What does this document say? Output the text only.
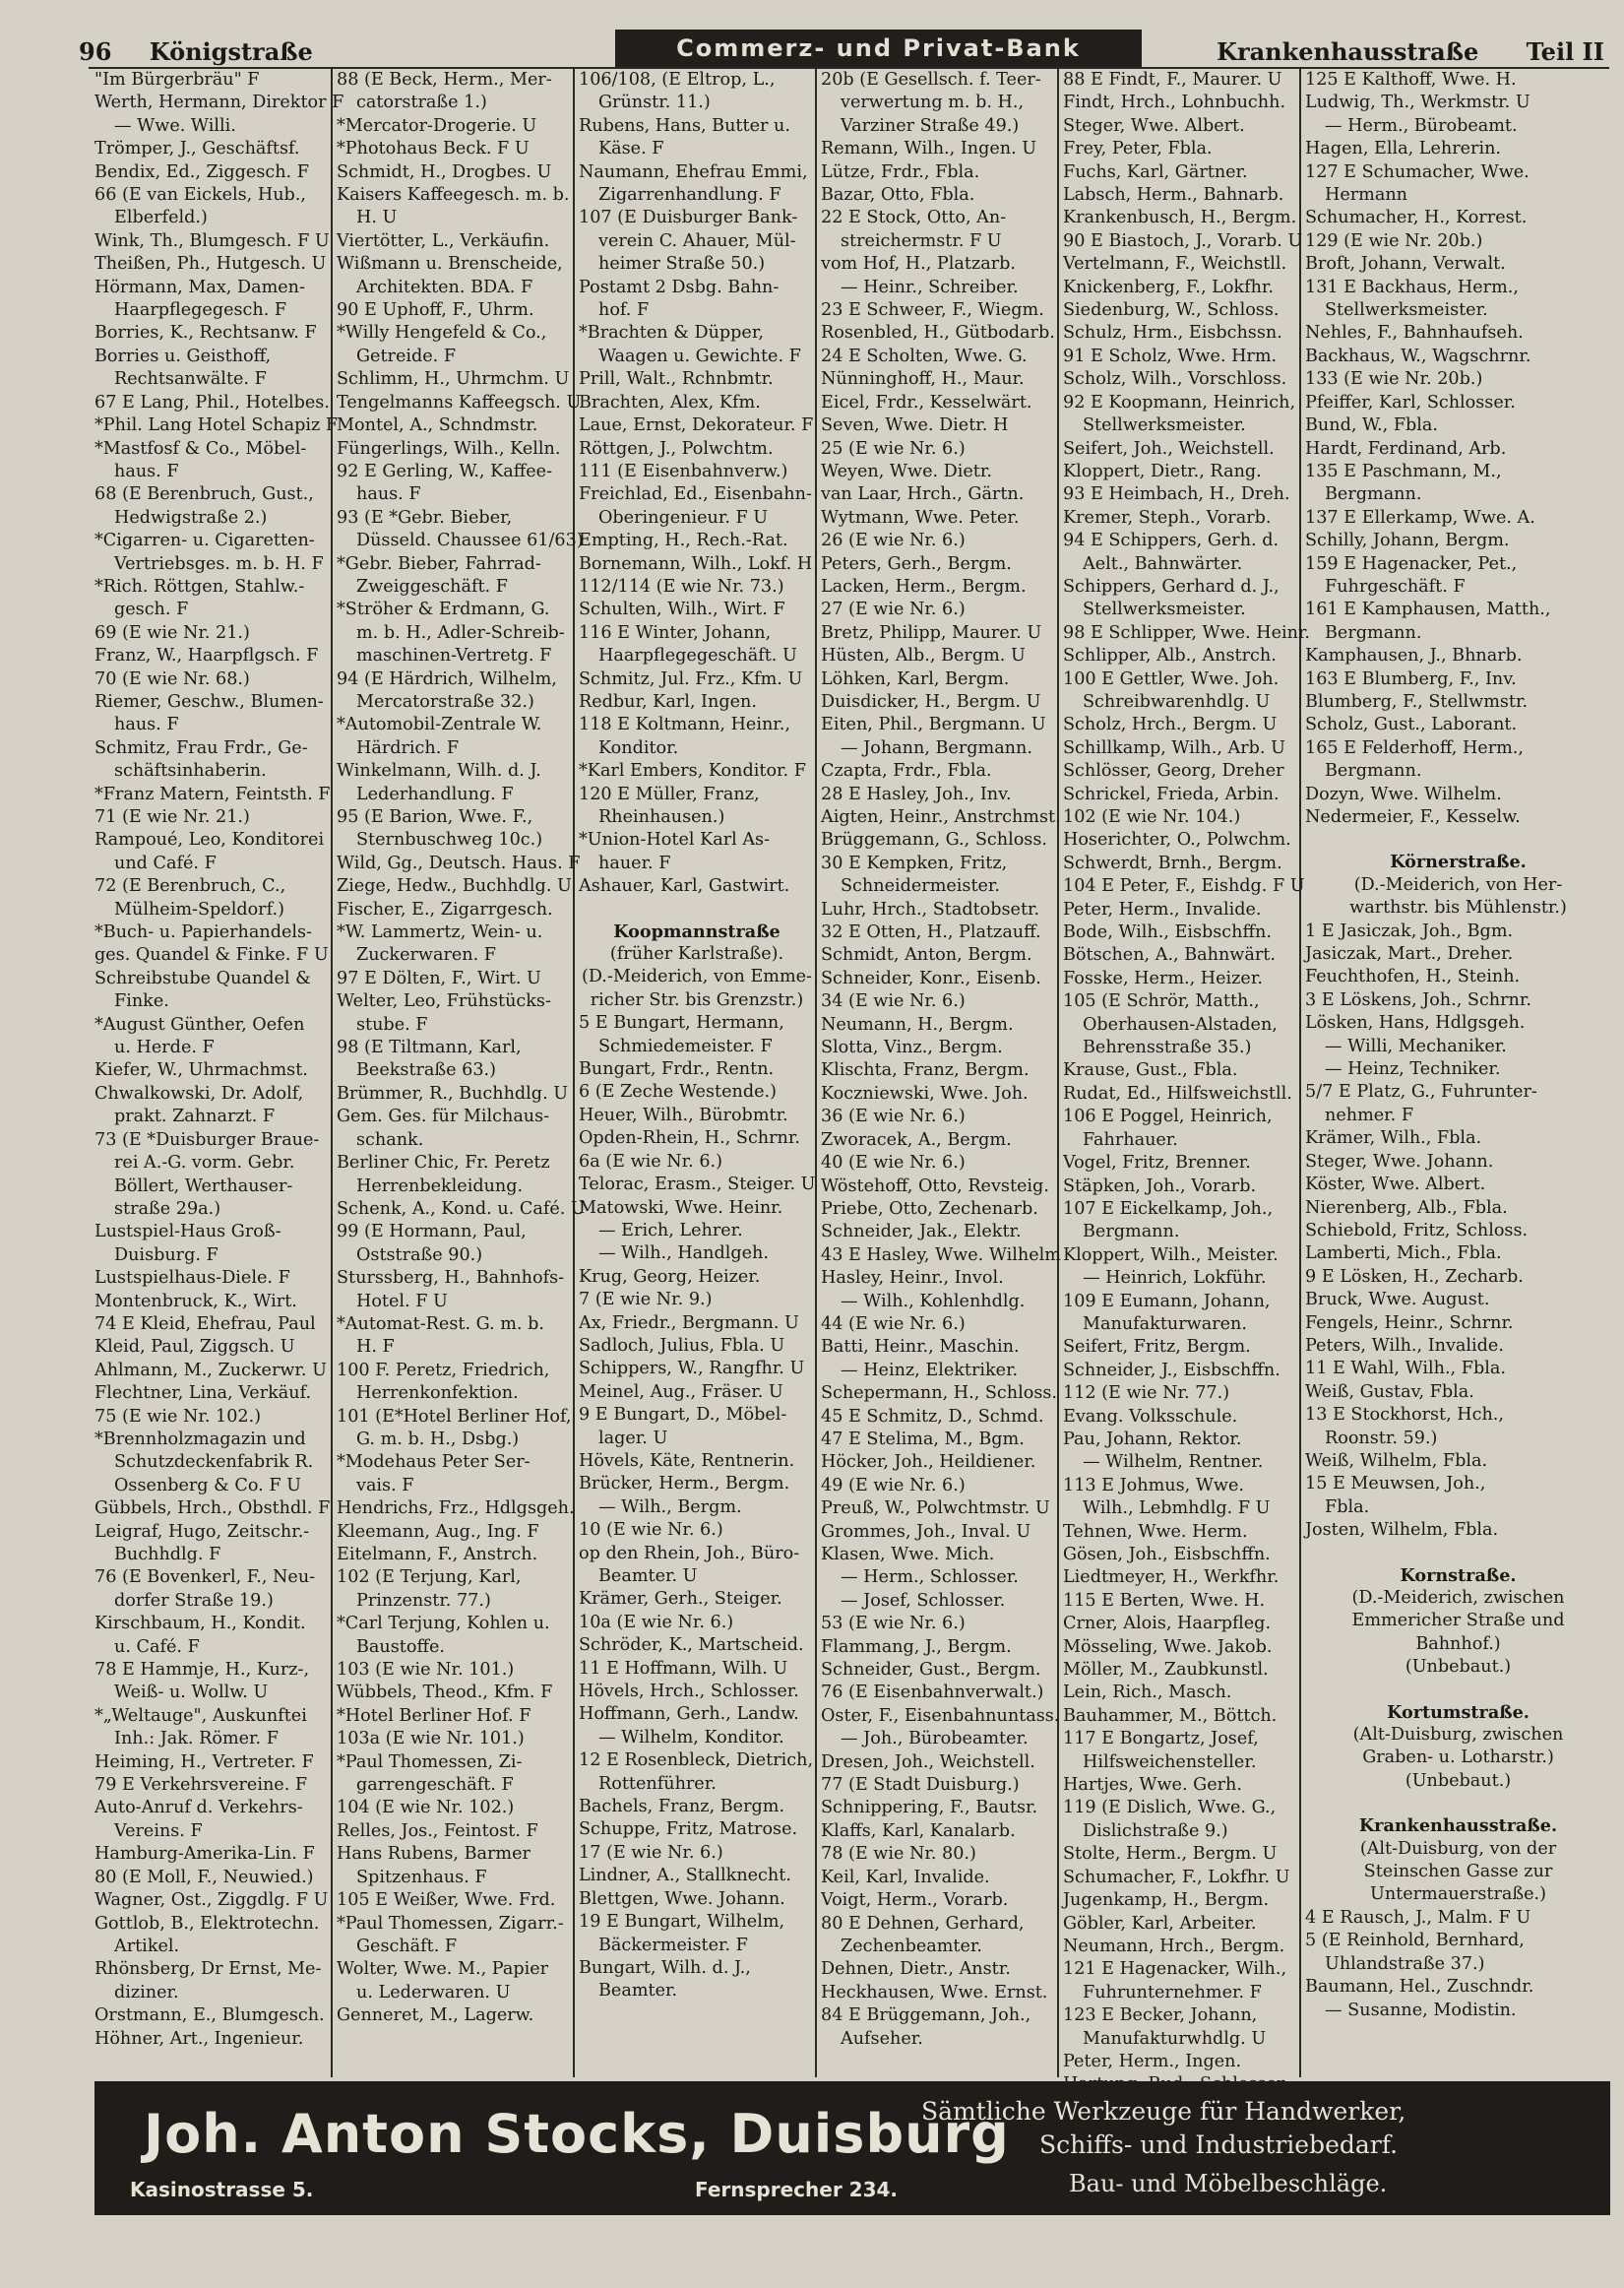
96 Königstraße	Commerz- und Privat-Bank	Krankenhausstraße Teil II
"Im Bürgerbräu" F
Werth, Hermann, Direktor F
— Wwe. Willi.
Trömper, J., Geschäftsf.
Bendix, Ed., Ziggesch. F
66 (E van Eickels, Hub.,
Elberfeld.)
Wink, Th., Blumgesch. F U
Theißen, Ph., Hutgesch. U
Hörmann, Max, Damen-
Haarpflegegesch. F
Borries, K., Rechtsanw. F
Borries u. Geisthoff,
Rechtsanwälte. F
67 E Lang, Phil., Hotelbes.
*Phil. Lang Hotel Schapiz F
*Mastfosf & Co., Möbel-
haus. F
68 (E Berenbruch, Gust.,
Hedwigstraße 2.)
*Cigarren- u. Cigaretten-
Vertriebsges. m. b. H. F
*Rich. Röttgen, Stahlw.-
gesch. F
69 (E wie Nr. 21.)
Franz, W., Haarpflgsch. F
70 (E wie Nr. 68.)
Riemer, Geschw., Blumen-
haus. F
Schmitz, Frau Frdr., Ge-
schäftsinhaberin.
*Franz Matern, Feintsth. F
71 (E wie Nr. 21.)
Rampoué, Leo, Konditorei
und Café. F
72 (E Berenbruch, C.,
Mülheim-Speldorf.)
*Buch- u. Papierhandels-
ges. Quandel & Finke. F U
Schreibstube Quandel &
Finke.
*August Günther, Oefen
u. Herde. F
Kiefer, W., Uhrmachmst.
Chwalkowski, Dr. Adolf,
prakt. Zahnarzt. F
73 (E *Duisburger Braue-
rei A.-G. vorm. Gebr.
Böllert, Werthauser-
straße 29a.)
Lustspiel-Haus Groß-
Duisburg. F
Lustspielhaus-Diele. F
Montenbruck, K., Wirt.
74 E Kleid, Ehefrau, Paul
Kleid, Paul, Ziggsch. U
Ahlmann, M., Zuckerwr. U
Flechtner, Lina, Verkäuf.
75 (E wie Nr. 102.)
*Brennholzmagazin und
Schutzdeckenfabrik R.
Ossenberg & Co. F U
Gübbels, Hrch., Obsthdl. F
Leigraf, Hugo, Zeitschr.-
Buchhdlg. F
76 (E Bovenkerl, F., Neu-
dorfer Straße 19.)
Kirschbaum, H., Kondit.
u. Café. F
78 E Hammje, H., Kurz-,
Weiß- u. Wollw. U
*„Weltauge", Auskunftei
Inh.: Jak. Römer. F
Heiming, H., Vertreter. F
79 E Verkehrsvereine. F
Auto-Anruf d. Verkehrs-
Vereins. F
Hamburg-Amerika-Lin. F
80 (E Moll, F., Neuwied.)
Wagner, Ost., Ziggdlg. F U
Gottlob, B., Elektrotechn.
Artikel.
Rhönsberg, Dr Ernst, Me-
diziner.
Orstmann, E., Blumgesch.
Höhner, Art., Ingenieur.
88 (E Beck, Herm., Mer-
catorstraße 1.)
*Mercator-Drogerie. U
*Photohaus Beck. F U
Schmidt, H., Drogbes. U
Kaisers Kaffeegesch. m. b.
H. U
Viertötter, L., Verkäufin.
Wißmann u. Brenscheide,
Architekten. BDA. F
90 E Uphoff, F., Uhrm.
*Willy Hengefeld & Co.,
Getreide. F
Schlimm, H., Uhrmchm. U
Tengelmanns Kaffeegsch. U
Montel, A., Schndmstr.
Füngerlings, Wilh., Kelln.
92 E Gerling, W., Kaffee-
haus. F
93 (E *Gebr. Bieber,
Düsseld. Chaussee 61/63)
*Gebr. Bieber, Fahrrad-
Zweiggeschäft. F
*Ströher & Erdmann, G.
m. b. H., Adler-Schreib-
maschinen-Vertretg. F
94 (E Härdrich, Wilhelm,
Mercatorstraße 32.)
*Automobil-Zentrale W.
Härdrich. F
Winkelmann, Wilh. d. J.
Lederhandlung. F
95 (E Barion, Wwe. F.,
Sternbuschweg 10c.)
Wild, Gg., Deutsch. Haus. F
Ziege, Hedw., Buchhdlg. U
Fischer, E., Zigarrgesch.
*W. Lammertz, Wein- u.
Zuckerwaren. F
97 E Dölten, F., Wirt. U
Welter, Leo, Frühstücks-
stube. F
98 (E Tiltmann, Karl,
Beekstraße 63.)
Brümmer, R., Buchhdlg. U
Gem. Ges. für Milchaus-
schank.
Berliner Chic, Fr. Peretz
Herrenbekleidung.
Schenk, A., Kond. u. Café. U
99 (E Hormann, Paul,
Oststraße 90.)
Sturssberg, H., Bahnhofs-
Hotel. F U
*Automat-Rest. G. m. b.
H. F
100 F. Peretz, Friedrich,
Herrenkonfektion.
101 (E*Hotel Berliner Hof,
G. m. b. H., Dsbg.)
*Modehaus Peter Ser-
vais. F
Hendrichs, Frz., Hdlgsgeh.
Kleemann, Aug., Ing. F
Eitelmann, F., Anstrch.
102 (E Terjung, Karl,
Prinzenstr. 77.)
*Carl Terjung, Kohlen u.
Baustoffe.
103 (E wie Nr. 101.)
Wübbels, Theod., Kfm. F
*Hotel Berliner Hof. F
103a (E wie Nr. 101.)
*Paul Thomessen, Zi-
garrengeschäft. F
104 (E wie Nr. 102.)
Relles, Jos., Feintost. F
Hans Rubens, Barmer
Spitzenhaus. F
105 E Weißer, Wwe. Frd.
*Paul Thomessen, Zigarr.-
Geschäft. F
Wolter, Wwe. M., Papier
u. Lederwaren. U
Genneret, M., Lagerw.
106/108, (E Eltrop, L.,
Grünstr. 11.)
Rubens, Hans, Butter u.
Käse. F
Naumann, Ehefrau Emmi,
Zigarrenhandlung. F
107 (E Duisburger Bank-
verein C. Ahauer, Mül-
heimer Straße 50.)
Postamt 2 Dsbg. Bahn-
hof. F
*Brachten & Düpper,
Waagen u. Gewichte. F
Prill, Walt., Rchnbmtr.
Brachten, Alex, Kfm.
Laue, Ernst, Dekorateur. F
Röttgen, J., Polwchtm.
111 (E Eisenbahnverw.)
Freichlad, Ed., Eisenbahn-
Oberingenieur. F U
Empting, H., Rech.-Rat.
Bornemann, Wilh., Lokf. H
112/114 (E wie Nr. 73.)
Schulten, Wilh., Wirt. F
116 E Winter, Johann,
Haarpflegegeschäft. U
Schmitz, Jul. Frz., Kfm. U
Redbur, Karl, Ingen.
118 E Koltmann, Heinr.,
Konditor.
*Karl Embers, Konditor. F
120 E Müller, Franz,
Rheinhausen.)
*Union-Hotel Karl As-
hauer. F
Ashauer, Karl, Gastwirt.
Koopmannstraße
(früher Karlstraße).
(D.-Meiderich, von Emme-
richer Str. bis Grenzstr.)
5 E Bungart, Hermann,
Schmiedemeister. F
Bungart, Frdr., Rentn.
6 (E Zeche Westende.)
Heuer, Wilh., Bürobmtr.
Opden-Rhein, H., Schrnr.
6a (E wie Nr. 6.)
Telorac, Erasm., Steiger. U
Matowski, Wwe. Heinr.
— Erich, Lehrer.
— Wilh., Handlgeh.
Krug, Georg, Heizer.
7 (E wie Nr. 9.)
Ax, Friedr., Bergmann. U
Sadloch, Julius, Fbla. U
Schippers, W., Rangfhr. U
Meinel, Aug., Fräser. U
9 E Bungart, D., Möbel-
lager. U
Hövels, Käte, Rentnerin.
Brücker, Herm., Bergm.
— Wilh., Bergm.
10 (E wie Nr. 6.)
op den Rhein, Joh., Büro-
Beamter. U
Krämer, Gerh., Steiger.
10a (E wie Nr. 6.)
Schröder, K., Martscheid.
11 E Hoffmann, Wilh. U
Hövels, Hrch., Schlosser.
Hoffmann, Gerh., Landw.
— Wilhelm, Konditor.
12 E Rosenbleck, Dietrich,
Rottenführer.
Bachels, Franz, Bergm.
Schuppe, Fritz, Matrose.
17 (E wie Nr. 6.)
Lindner, A., Stallknecht.
Blettgen, Wwe. Johann.
19 E Bungart, Wilhelm,
Bäckermeister. F
Bungart, Wilh. d. J.,
Beamter.
20b (E Gesellsch. f. Teer-
verwertung m. b. H.,
Varziner Straße 49.)
Remann, Wilh., Ingen. U
Lütze, Frdr., Fbla.
Bazar, Otto, Fbla.
22 E Stock, Otto, An-
streichermstr. F U
vom Hof, H., Platzarb.
— Heinr., Schreiber.
23 E Schweer, F., Wiegm.
Rosenbled, H., Gütbodarb.
24 E Scholten, Wwe. G.
Nünninghoff, H., Maur.
Eicel, Frdr., Kesselwärt.
Seven, Wwe. Dietr. H
25 (E wie Nr. 6.)
Weyen, Wwe. Dietr.
van Laar, Hrch., Gärtn.
Wytmann, Wwe. Peter.
26 (E wie Nr. 6.)
Peters, Gerh., Bergm.
Lacken, Herm., Bergm.
27 (E wie Nr. 6.)
Bretz, Philipp, Maurer. U
Hüsten, Alb., Bergm. U
Löhken, Karl, Bergm.
Duisdicker, H., Bergm. U
Eiten, Phil., Bergmann. U
— Johann, Bergmann.
Czapta, Frdr., Fbla.
28 E Hasley, Joh., Inv.
Aigten, Heinr., Anstrchmst.
Brüggemann, G., Schloss.
30 E Kempken, Fritz,
Schneidermeister.
Luhr, Hrch., Stadtobsetr.
32 E Otten, H., Platzauff.
Schmidt, Anton, Bergm.
Schneider, Konr., Eisenb.
34 (E wie Nr. 6.)
Neumann, H., Bergm.
Slotta, Vinz., Bergm.
Klischta, Franz, Bergm.
Koczniewski, Wwe. Joh.
36 (E wie Nr. 6.)
Zworacek, A., Bergm.
40 (E wie Nr. 6.)
Wöstehoff, Otto, Revsteig.
Priebe, Otto, Zechenarb.
Schneider, Jak., Elektr.
43 E Hasley, Wwe. Wilhelm
Hasley, Heinr., Invol.
— Wilh., Kohlenhdlg.
44 (E wie Nr. 6.)
Batti, Heinr., Maschin.
— Heinz, Elektriker.
Schepermann, H., Schloss.
45 E Schmitz, D., Schmd.
47 E Stelima, M., Bgm.
Höcker, Joh., Heildiener.
49 (E wie Nr. 6.)
Preuß, W., Polwchtmstr. U
Grommes, Joh., Inval. U
Klasen, Wwe. Mich.
— Herm., Schlosser.
— Josef, Schlosser.
53 (E wie Nr. 6.)
Flammang, J., Bergm.
Schneider, Gust., Bergm.
76 (E Eisenbahnverwalt.)
Oster, F., Eisenbahnuntass.
— Joh., Bürobeamter.
Dresen, Joh., Weichstell.
77 (E Stadt Duisburg.)
Schnippering, F., Bautsr.
Klaffs, Karl, Kanalarb.
78 (E wie Nr. 80.)
Keil, Karl, Invalide.
Voigt, Herm., Vorarb.
80 E Dehnen, Gerhard,
Zechenbeamter.
Dehnen, Dietr., Anstr.
Heckhausen, Wwe. Ernst.
84 E Brüggemann, Joh.,
Aufseher.
88 E Findt, F., Maurer. U
Findt, Hrch., Lohnbuchh.
Steger, Wwe. Albert.
Frey, Peter, Fbla.
Fuchs, Karl, Gärtner.
Labsch, Herm., Bahnarb.
Krankenbusch, H., Bergm.
90 E Biastoch, J., Vorarb. U
Vertelmann, F., Weichstll.
Knickenberg, F., Lokfhr.
Siedenburg, W., Schloss.
Schulz, Hrm., Eisbchssn.
91 E Scholz, Wwe. Hrm.
Scholz, Wilh., Vorschloss.
92 E Koopmann, Heinrich,
Stellwerksmeister.
Seifert, Joh., Weichstell.
Kloppert, Dietr., Rang.
93 E Heimbach, H., Dreh.
Kremer, Steph., Vorarb.
94 E Schippers, Gerh. d.
Aelt., Bahnwärter.
Schippers, Gerhard d. J.,
Stellwerksmeister.
98 E Schlipper, Wwe. Heinr.
Schlipper, Alb., Anstrch.
100 E Gettler, Wwe. Joh.
Schreibwarenhdlg. U
Scholz, Hrch., Bergm. U
Schillkamp, Wilh., Arb. U
Schlösser, Georg, Dreher
Schrickel, Frieda, Arbin.
102 (E wie Nr. 104.)
Hoserichter, O., Polwchm.
Schwerdt, Brnh., Bergm.
104 E Peter, F., Eishdg. F U
Peter, Herm., Invalide.
Bode, Wilh., Eisbschffn.
Bötschen, A., Bahnwärt.
Fosske, Herm., Heizer.
105 (E Schrör, Matth.,
Oberhausen-Alstaden,
Behrensstraße 35.)
Krause, Gust., Fbla.
Rudat, Ed., Hilfsweichstll.
106 E Poggel, Heinrich,
Fahrhauer.
Vogel, Fritz, Brenner.
Stäpken, Joh., Vorarb.
107 E Eickelkamp, Joh.,
Bergmann.
Kloppert, Wilh., Meister.
— Heinrich, Lokführ.
109 E Eumann, Johann,
Manufakturwaren.
Seifert, Fritz, Bergm.
Schneider, J., Eisbschffn.
112 (E wie Nr. 77.)
Evang. Volksschule.
Pau, Johann, Rektor.
— Wilhelm, Rentner.
113 E Johmus, Wwe.
Wilh., Lebmhdlg. F U
Tehnen, Wwe. Herm.
Gösen, Joh., Eisbschffn.
Liedtmeyer, H., Werkfhr.
115 E Berten, Wwe. H.
Crner, Alois, Haarpfleg.
Mösseling, Wwe. Jakob.
Möller, M., Zaubkunstl.
Lein, Rich., Masch.
Bauhammer, M., Böttch.
117 E Bongartz, Josef,
Hilfsweichensteller.
Hartjes, Wwe. Gerh.
119 (E Dislich, Wwe. G.,
Dislichstraße 9.)
Stolte, Herm., Bergm. U
Schumacher, F., Lokfhr. U
Jugenkamp, H., Bergm.
Göbler, Karl, Arbeiter.
Neumann, Hrch., Bergm.
121 E Hagenacker, Wilh.,
Fuhrunternehmer. F
123 E Becker, Johann,
Manufakturwhdlg. U
Peter, Herm., Ingen.
125 E Kalthoff, Wwe. H.
Ludwig, Th., Werkmstr. U
— Herm., Bürobeamt.
Hagen, Ella, Lehrerin.
127 E Schumacher, Wwe.
Hermann
Schumacher, H., Korrest.
129 (E wie Nr. 20b.)
Broft, Johann, Verwalt.
131 E Backhaus, Herm.,
Stellwerksmeister.
Nehles, F., Bahnhaufseh.
Backhaus, W., Wagschrnr.
133 (E wie Nr. 20b.)
Pfeiffer, Karl, Schlosser.
Bund, W., Fbla.
Hardt, Ferdinand, Arb.
135 E Paschmann, M.,
Bergmann.
137 E Ellerkamp, Wwe. A.
Schilly, Johann, Bergm.
159 E Hagenacker, Pet.,
Fuhrgeschäft. F
161 E Kamphausen, Matth.,
Bergmann.
Kamphausen, J., Bhnarb.
163 E Blumberg, F., Inv.
Blumberg, F., Stellwmstr.
Scholz, Gust., Laborant.
165 E Felderhoff, Herm.,
Bergmann.
Dozyn, Wwe. Wilhelm.
Nedermeier, F., Kesselw.
Körnerstraße.
(D.-Meiderich, von Her-
warthstr. bis Mühlenstr.)
1 E Jasiczak, Joh., Bgm.
Jasiczak, Mart., Dreher.
Feuchthofen, H., Steinh.
3 E Löskens, Joh., Schrnr.
Lösken, Hans, Hdlgsgeh.
— Willi, Mechaniker.
— Heinz, Techniker.
5/7 E Platz, G., Fuhrunter-
nehmer. F
Krämer, Wilh., Fbla.
Steger, Wwe. Johann.
Köster, Wwe. Albert.
Nierenberg, Alb., Fbla.
Schiebold, Fritz, Schloss.
Lamberti, Mich., Fbla.
9 E Lösken, H., Zecharb.
Bruck, Wwe. August.
Fengels, Heinr., Schrnr.
Peters, Wilh., Invalide.
11 E Wahl, Wilh., Fbla.
Weiß, Gustav, Fbla.
13 E Stockhorst, Hch.,
Roonstr. 59.)
Weiß, Wilhelm, Fbla.
15 E Meuwsen, Joh.,
Fbla.
Josten, Wilhelm, Fbla.
Kornstraße.
(D.-Meiderich, zwischen
Emmericher Straße und
Bahnhof.)
(Unbebaut.)
Kortumstraße.
(Alt-Duisburg, zwischen
Graben- u. Lotharstr.)
(Unbebaut.)
Krankenhausstraße.
(Alt-Duisburg, von der
Steinschen Gasse zur
Untermauerstraße.)
4 E Rausch, J., Malm. F U
5 (E Reinhold, Bernhard,
Uhlandstraße 37.)
Baumann, Hel., Zuschndr.
— Susanne, Modistin.
Joh. Anton Stocks, Duisburg
Kasinostrasse 5.	Fernsprecher 234.
Sämtliche Werkzeuge für Handwerker,
Schiffs- und Industriebedarf.
Bau- und Möbelbeschläge.
